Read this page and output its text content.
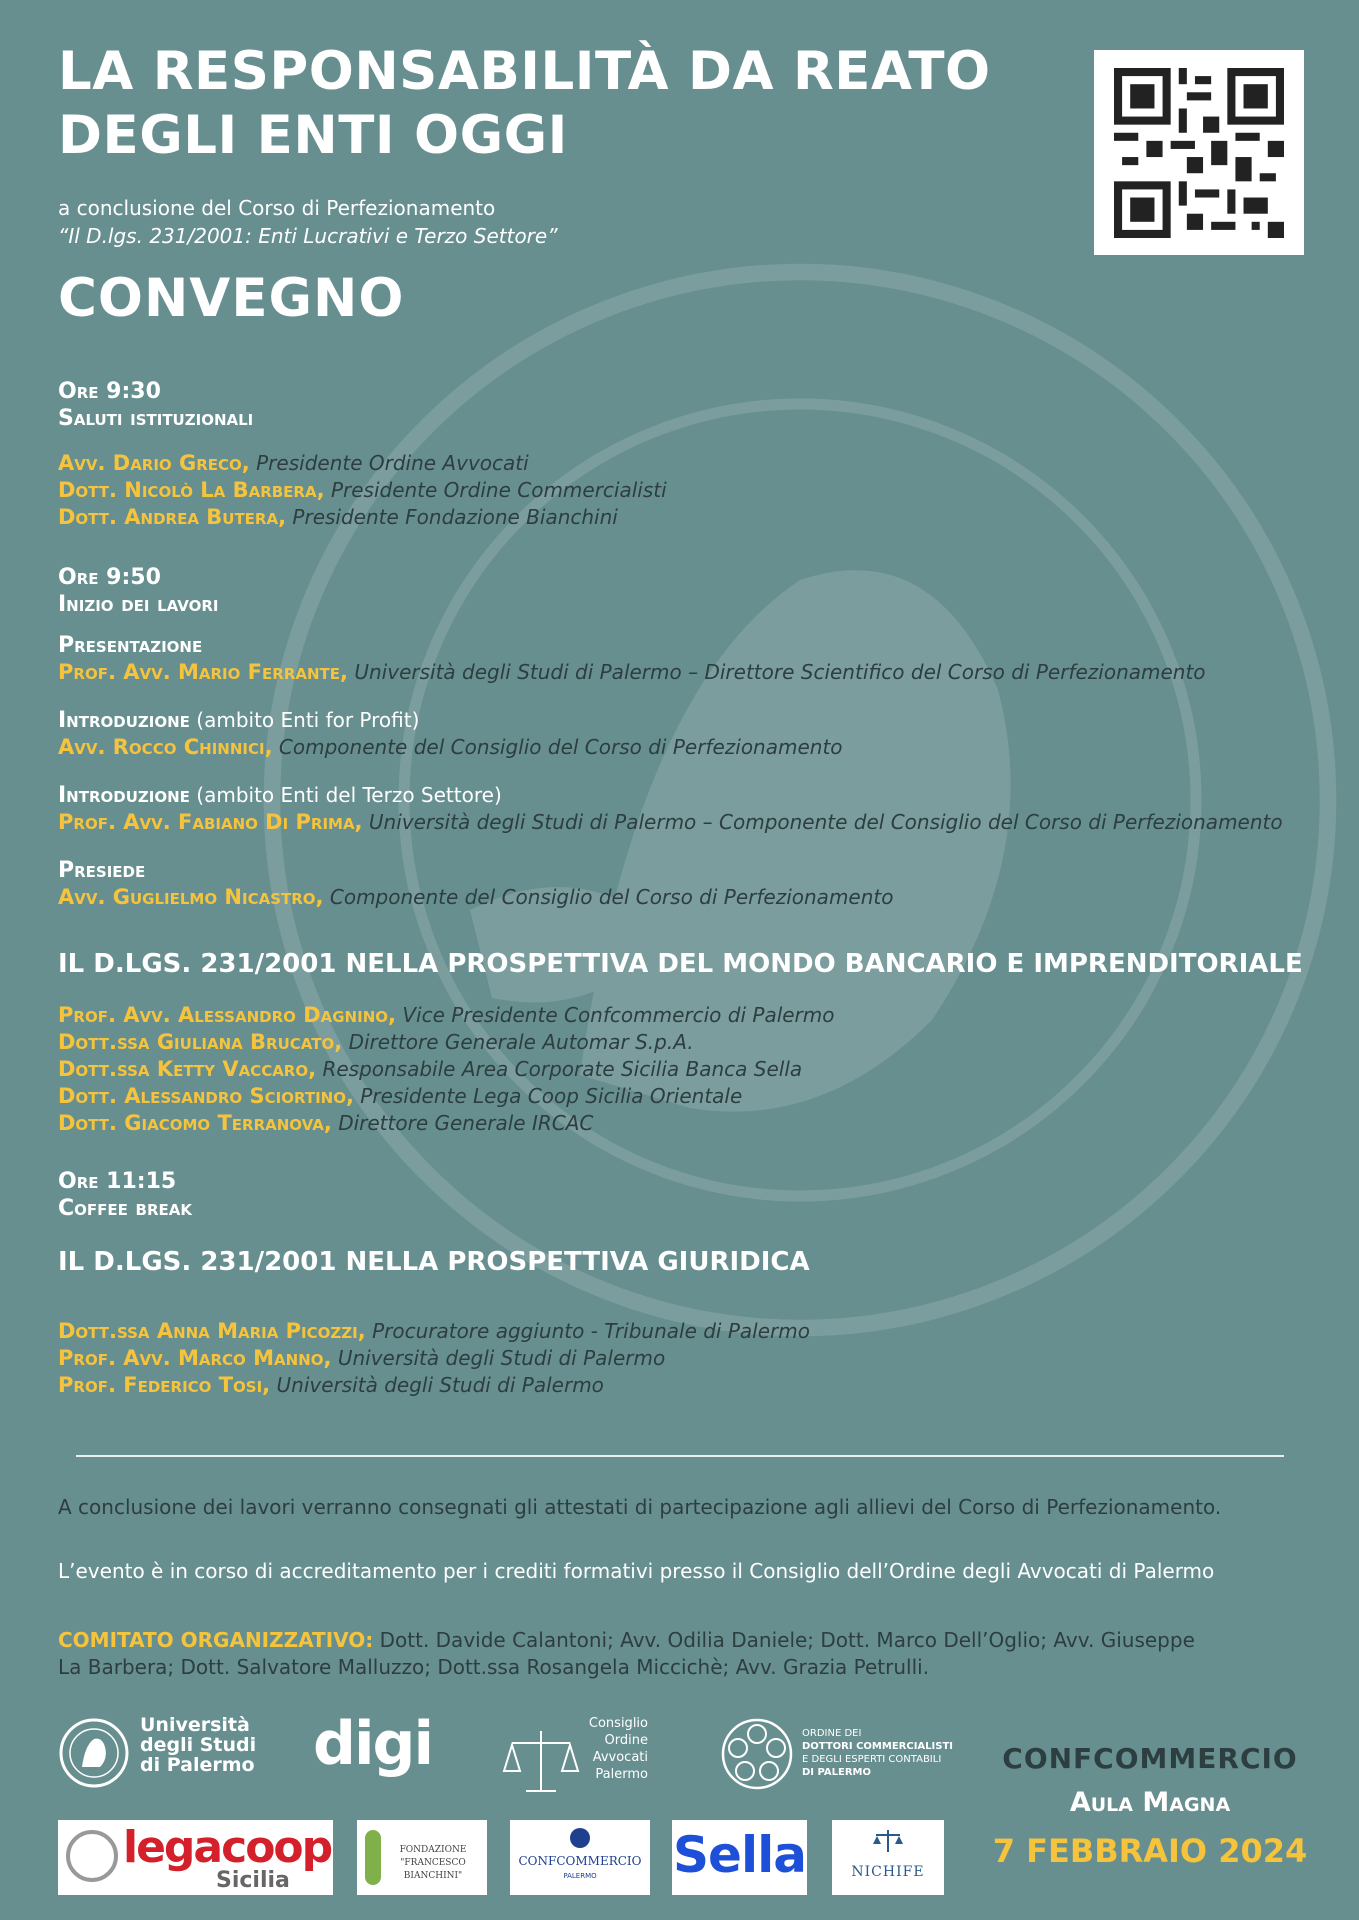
LA RESPONSABILITÀ DA REATO
DEGLI ENTI OGGI
a conclusione del Corso di Perfezionamento
“Il D.lgs. 231/2001: Enti Lucrativi e Terzo Settore”
CONVEGNO
Ore 9:30
Saluti istituzionali
Avv. Dario Greco, Presidente Ordine Avvocati
Dott. Nicolò La Barbera, Presidente Ordine Commercialisti
Dott. Andrea Butera, Presidente Fondazione Bianchini
Ore 9:50
Inizio dei lavori
Presentazione
Prof. Avv. Mario Ferrante, Università degli Studi di Palermo – Direttore Scientifico del Corso di Perfezionamento
Introduzione (ambito Enti for Profit)
Avv. Rocco Chinnici, Componente del Consiglio del Corso di Perfezionamento
Introduzione (ambito Enti del Terzo Settore)
Prof. Avv. Fabiano Di Prima, Università degli Studi di Palermo – Componente del Consiglio del Corso di Perfezionamento
Presiede
Avv. Guglielmo Nicastro, Componente del Consiglio del Corso di Perfezionamento
IL D.LGS. 231/2001 NELLA PROSPETTIVA DEL MONDO BANCARIO E IMPRENDITORIALE
Prof. Avv. Alessandro Dagnino, Vice Presidente Confcommercio di Palermo
Dott.ssa Giuliana Brucato, Direttore Generale Automar S.p.A.
Dott.ssa Ketty Vaccaro, Responsabile Area Corporate Sicilia Banca Sella
Dott. Alessandro Sciortino, Presidente Lega Coop Sicilia Orientale
Dott. Giacomo Terranova, Direttore Generale IRCAC
Ore 11:15
Coffee break
IL D.LGS. 231/2001 NELLA PROSPETTIVA GIURIDICA
Dott.ssa Anna Maria Picozzi, Procuratore aggiunto - Tribunale di Palermo
Prof. Avv. Marco Manno, Università degli Studi di Palermo
Prof. Federico Tosi, Università degli Studi di Palermo
A conclusione dei lavori verranno consegnati gli attestati di partecipazione agli allievi del Corso di Perfezionamento.
L’evento è in corso di accreditamento per i crediti formativi presso il Consiglio dell’Ordine degli Avvocati di Palermo
COMITATO ORGANIZZATIVO: Dott. Davide Calantoni; Avv. Odilia Daniele; Dott. Marco Dell’Oglio; Avv. Giuseppe
La Barbera; Dott. Salvatore Malluzzo; Dott.ssa Rosangela Miccichè; Avv. Grazia Petrulli.
Università
degli Studi
di Palermo digi	Consiglio
Ordine
Avvocati
Palermo
ORDINE DEI
DOTTORI COMMERCIALISTI
E DEGLI ESPERTI CONTABILI
DI PALERMO
legacoop
Sicilia
FONDAZIONE
"FRANCESCO BIANCHINI"
CONFCOMMERCIO
PALERMO	Sella	NICHIFE
CONFCOMMERCIO
Aula Magna
7 FEBBRAIO 2024
